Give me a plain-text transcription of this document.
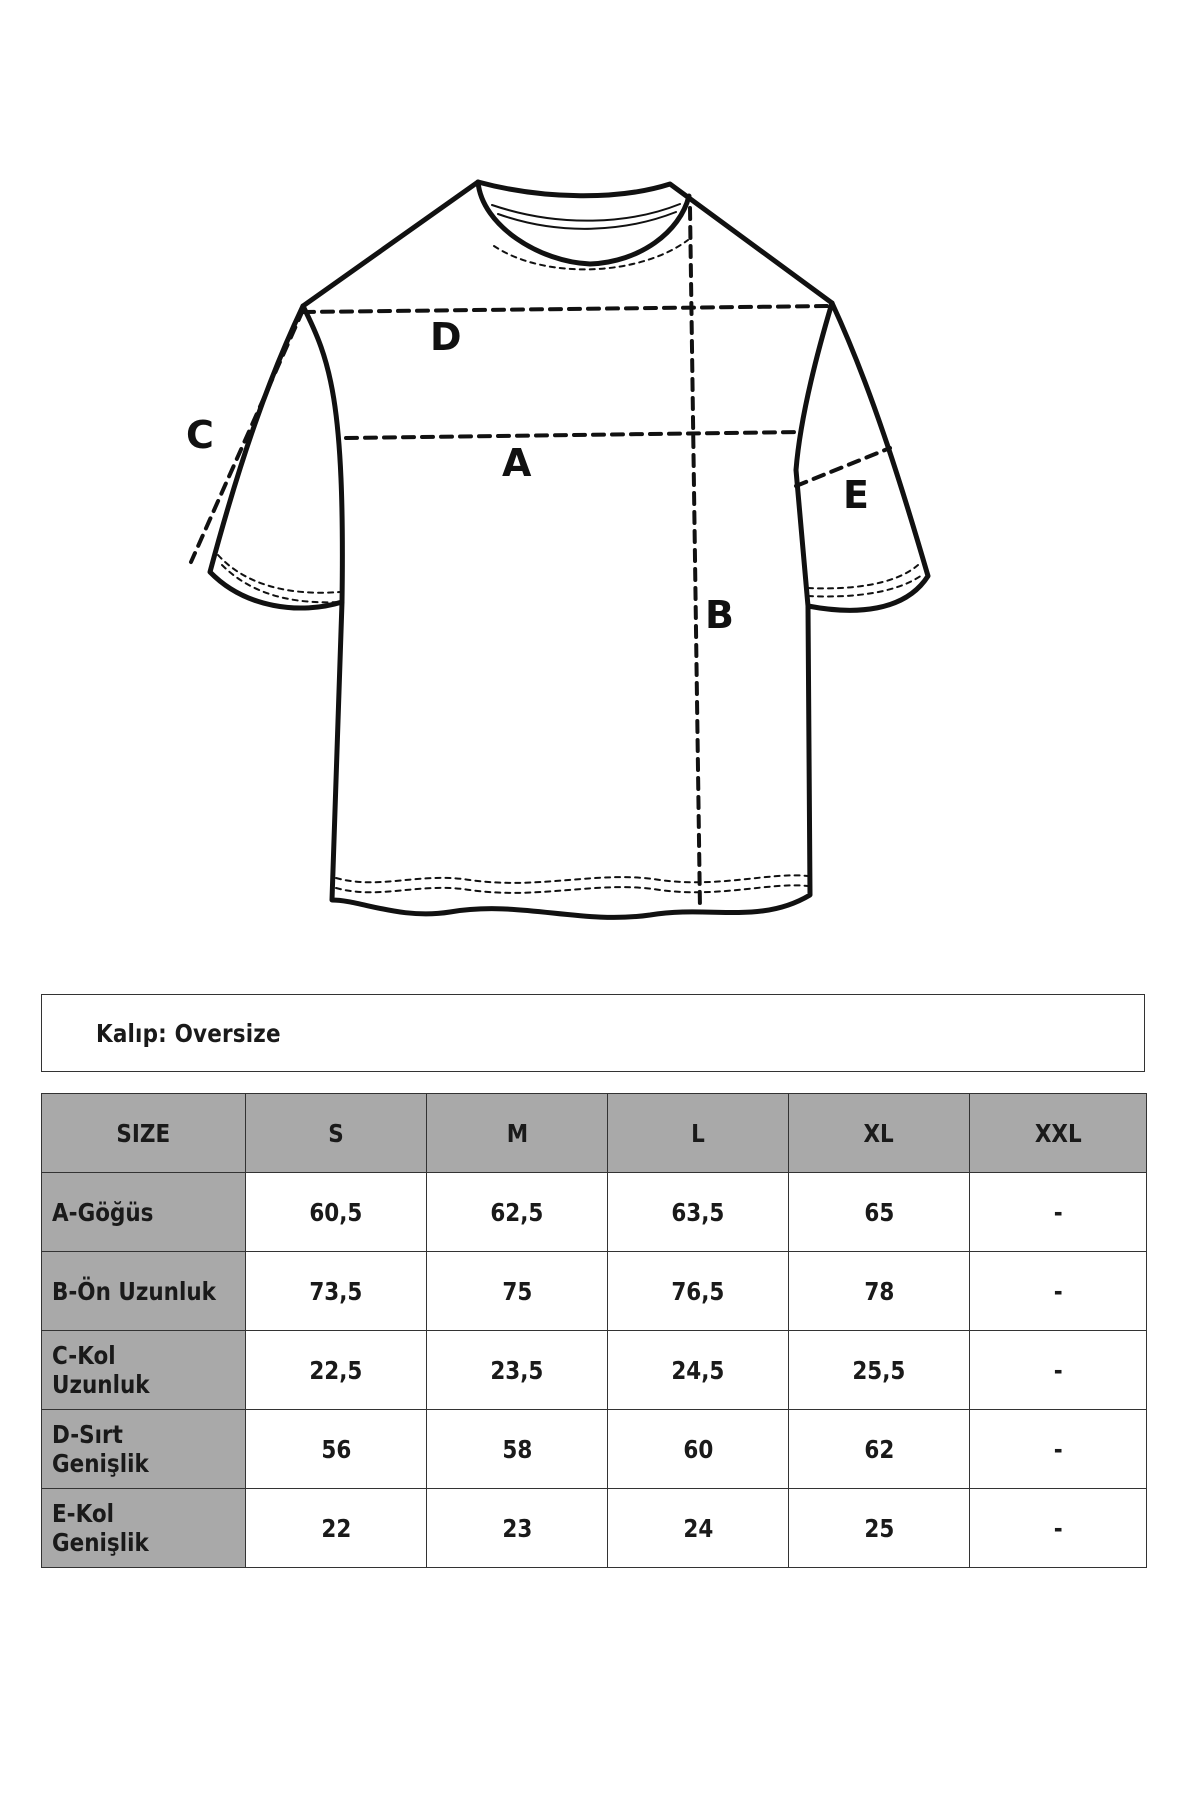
D
A
B
C
E
Kalıp: Oversize
SIZE	S	M	L	XL	XXL
A-Göğüs	60,5	62,5	63,5	65	-
B-Ön Uzunluk	73,5	75	76,5	78	-
C-Kol Uzunluk	22,5	23,5	24,5	25,5	-
D-Sırt Genişlik	56	58	60	62	-
E-Kol Genişlik	22	23	24	25	-
